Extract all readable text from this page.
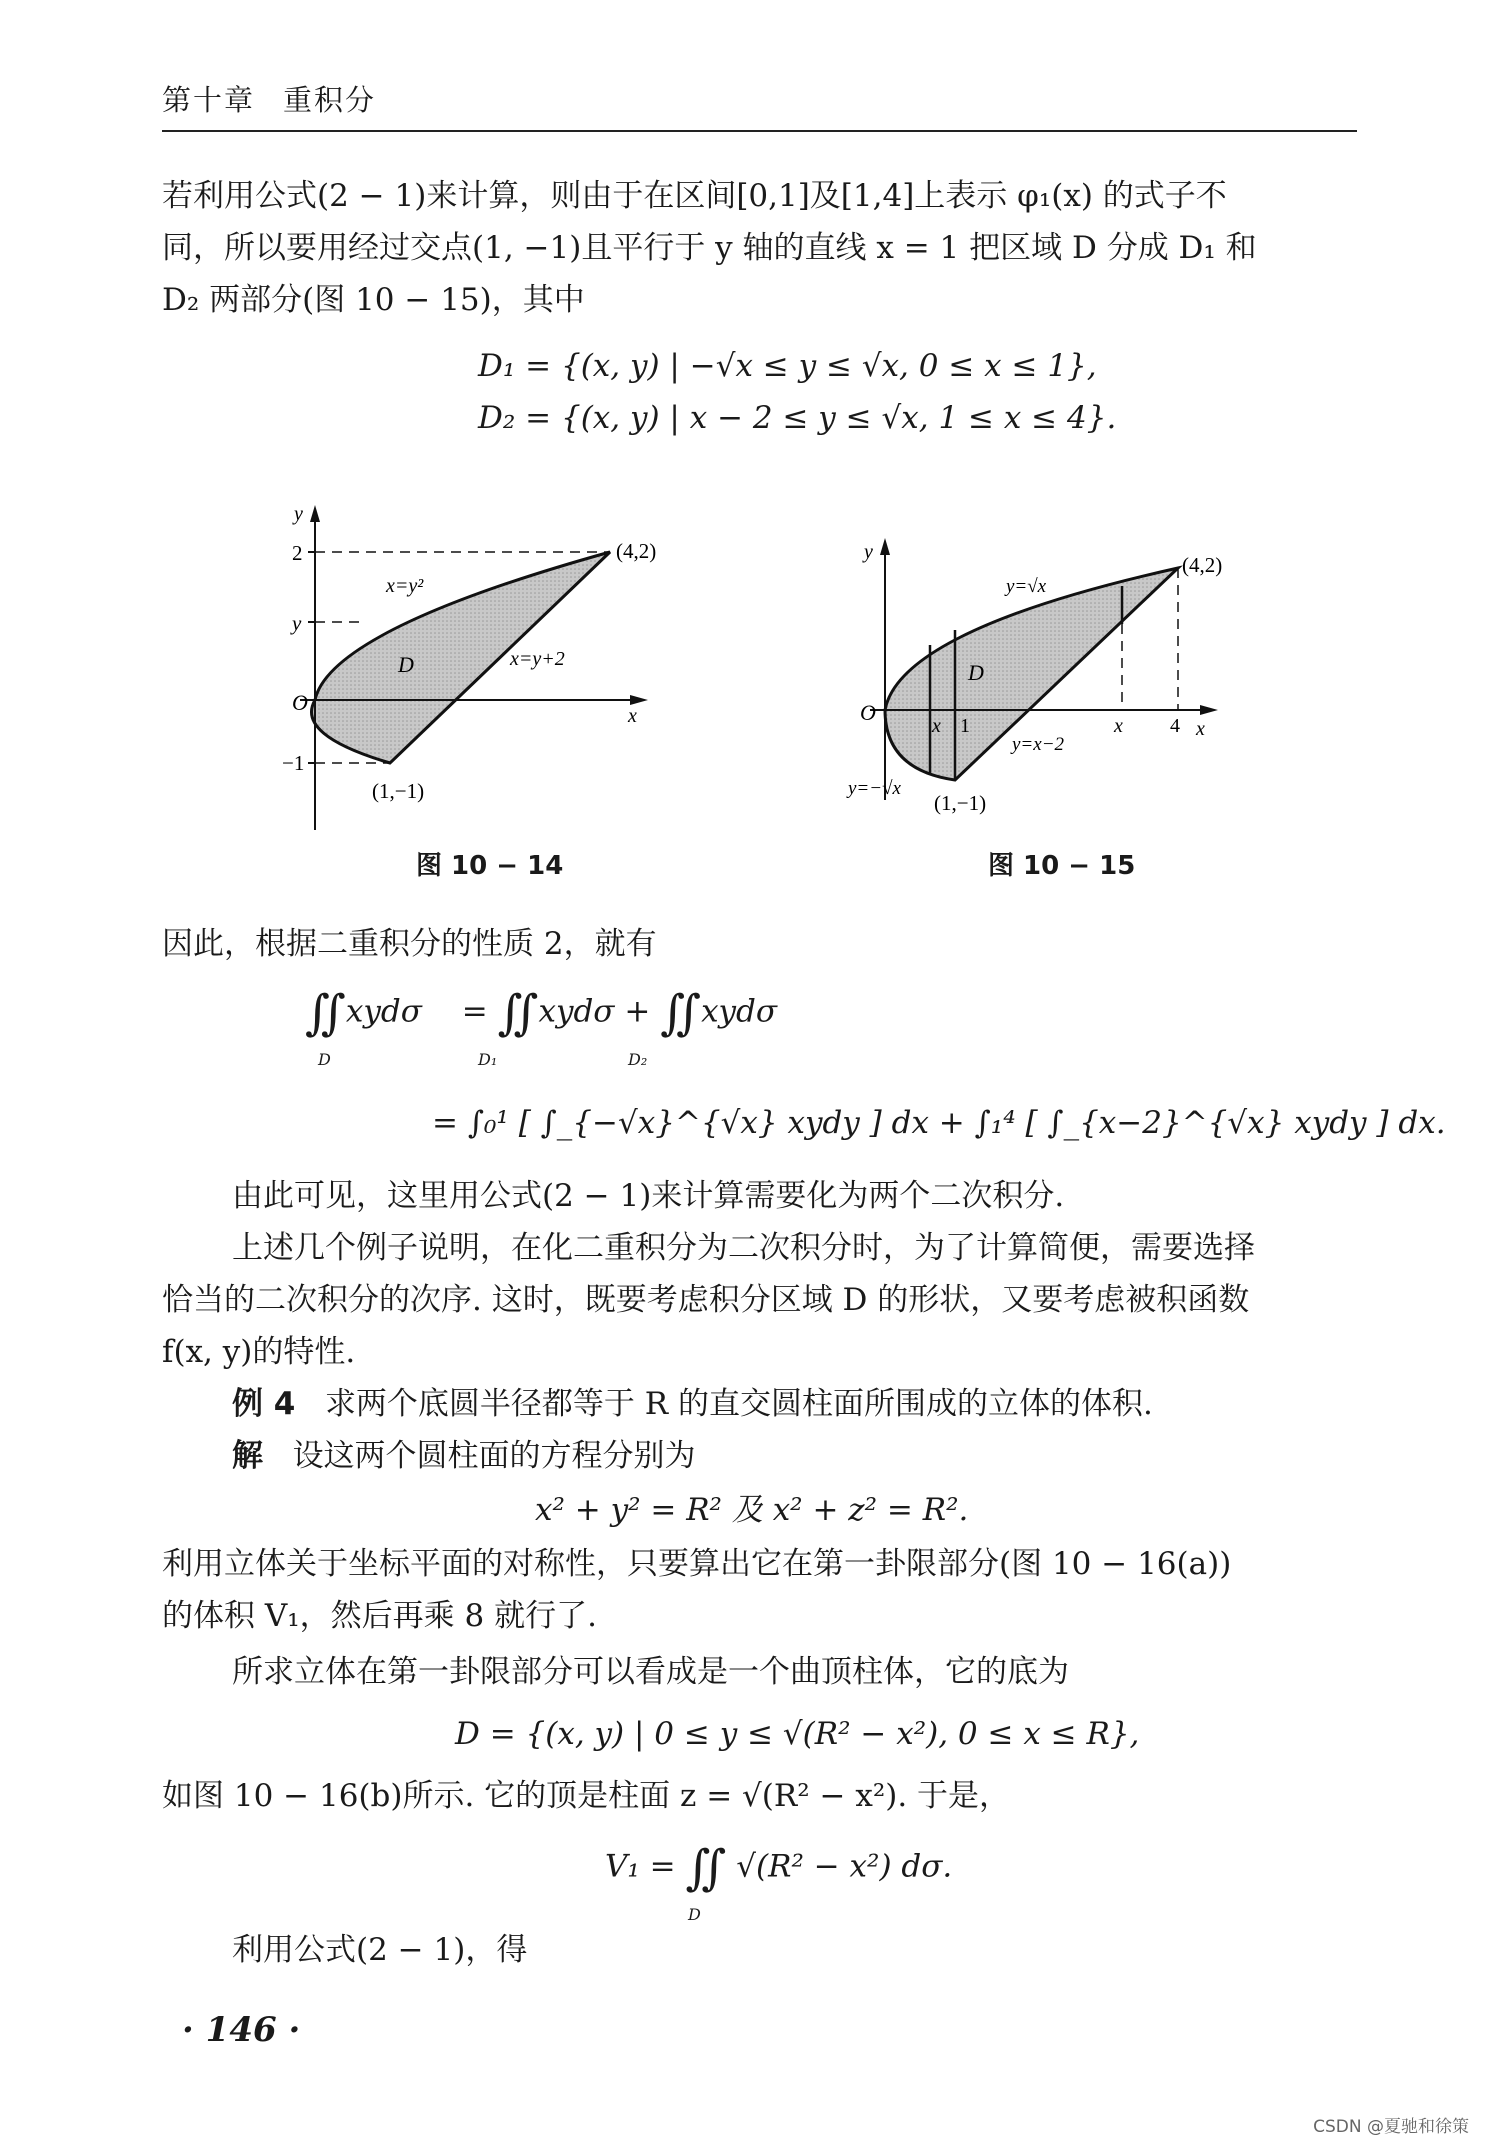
第十章 重积分
若利用公式(2 − 1)来计算，则由于在区间[0,1]及[1,4]上表示 φ₁(x) 的式子不
同，所以要用经过交点(1, −1)且平行于 y 轴的直线 x = 1 把区域 D 分成 D₁ 和
D₂ 两部分(图 10 − 15)，其中
D₁ = {(x, y) | −√x ≤ y ≤ √x, 0 ≤ x ≤ 1},
D₂ = {(x, y) | x − 2 ≤ y ≤ √x, 1 ≤ x ≤ 4}.
y
x
O
2
y
−1
(4,2)
(1,−1)
x=y²
x=y+2
D
图 10 − 14
y
x
O
x 1	x 4
(4,2)
(1,−1)
y=√x
y=−√x
y=x−2
D
图 10 − 15
因此，根据二重积分的性质 2，就有
∬xydσ = ∬xydσ + ∬xydσ
D	D₁	D₂
= ∫₀¹ [ ∫_{−√x}^{√x} xydy ] dx + ∫₁⁴ [ ∫_{x−2}^{√x} xydy ] dx.
由此可见，这里用公式(2 − 1)来计算需要化为两个二次积分.
上述几个例子说明，在化二重积分为二次积分时，为了计算简便，需要选择
恰当的二次积分的次序. 这时，既要考虑积分区域 D 的形状，又要考虑被积函数
f(x, y)的特性.
例 4 求两个底圆半径都等于 R 的直交圆柱面所围成的立体的体积.
解 设这两个圆柱面的方程分别为
x² + y² = R² 及 x² + z² = R².
利用立体关于坐标平面的对称性，只要算出它在第一卦限部分(图 10 − 16(a))
的体积 V₁，然后再乘 8 就行了.
所求立体在第一卦限部分可以看成是一个曲顶柱体，它的底为
D = {(x, y) | 0 ≤ y ≤ √(R² − x²), 0 ≤ x ≤ R},
如图 10 − 16(b)所示. 它的顶是柱面 z = √(R² − x²). 于是，
V₁ = ∬ √(R² − x²) dσ.
D
利用公式(2 − 1)，得
· 146 ·
CSDN @夏驰和徐策
